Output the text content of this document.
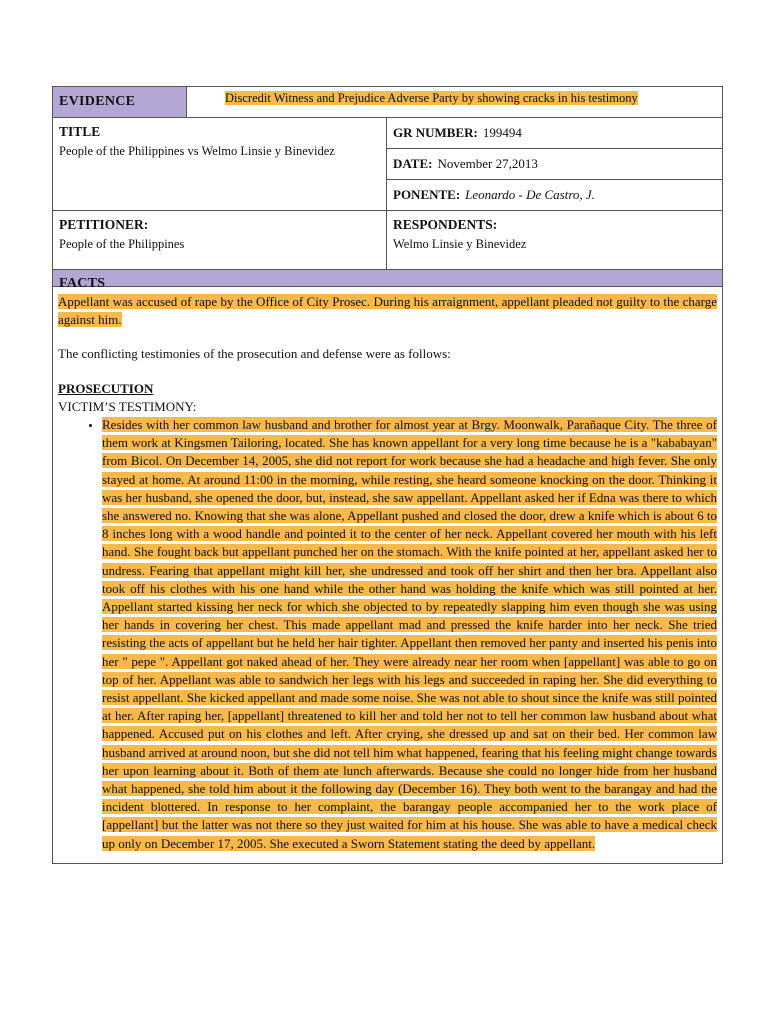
EVIDENCE	Discredit Witness and Prejudice Adverse Party by showing cracks in his testimony
TITLE
People of the Philippines vs Welmo Linsie y Binevidez
GR NUMBER: 199494
DATE: November 27,2013
PONENTE: Leonardo - De Castro, J.
PETITIONER:
People of the Philippines
RESPONDENTS:
Welmo Linsie y Binevidez
FACTS

Appellant was accused of rape by the Office of City Prosec. During his arraignment, appellant pleaded not guilty to the charge against him.

The conflicting testimonies of the prosecution and defense were as follows:

PROSECUTION

VICTIM’S TESTIMONY:

• Resides with her common law husband and brother for almost year at Brgy. Moonwalk, Parañaque City. The three of them work at Kingsmen Tailoring, located. She has known appellant for a very long time because he is a "kababayan" from Bicol. On December 14, 2005, she did not report for work because she had a headache and high fever. She only stayed at home. At around 11:00 in the morning, while resting, she heard someone knocking on the door. Thinking it was her husband, she opened the door, but, instead, she saw appellant. Appellant asked her if Edna was there to which she answered no. Knowing that she was alone, Appellant pushed and closed the door, drew a knife which is about 6 to 8 inches long with a wood handle and pointed it to the center of her neck. Appellant covered her mouth with his left hand. She fought back but appellant punched her on the stomach. With the knife pointed at her, appellant asked her to undress. Fearing that appellant might kill her, she undressed and took off her shirt and then her bra. Appellant also took off his clothes with his one hand while the other hand was holding the knife which was still pointed at her. Appellant started kissing her neck for which she objected to by repeatedly slapping him even though she was using her hands in covering her chest. This made appellant mad and pressed the knife harder into her neck. She tried resisting the acts of appellant but he held her hair tighter. Appellant then removed her panty and inserted his penis into her " pepe ". Appellant got naked ahead of her. They were already near her room when [appellant] was able to go on top of her. Appellant was able to sandwich her legs with his legs and succeeded in raping her. She did everything to resist appellant. She kicked appellant and made some noise. She was not able to shout since the knife was still pointed at her. After raping her, [appellant] threatened to kill her and told her not to tell her common law husband about what happened. Accused put on his clothes and left. After crying, she dressed up and sat on their bed. Her common law husband arrived at around noon, but she did not tell him what happened, fearing that his feeling might change towards her upon learning about it. Both of them ate lunch afterwards. Because she could no longer hide from her husband what happened, she told him about it the following day (December 16). They both went to the barangay and had the incident blottered. In response to her complaint, the barangay people accompanied her to the work place of [appellant] but the latter was not there so they just waited for him at his house. She was able to have a medical check up only on December 17, 2005. She executed a Sworn Statement stating the deed by appellant.
